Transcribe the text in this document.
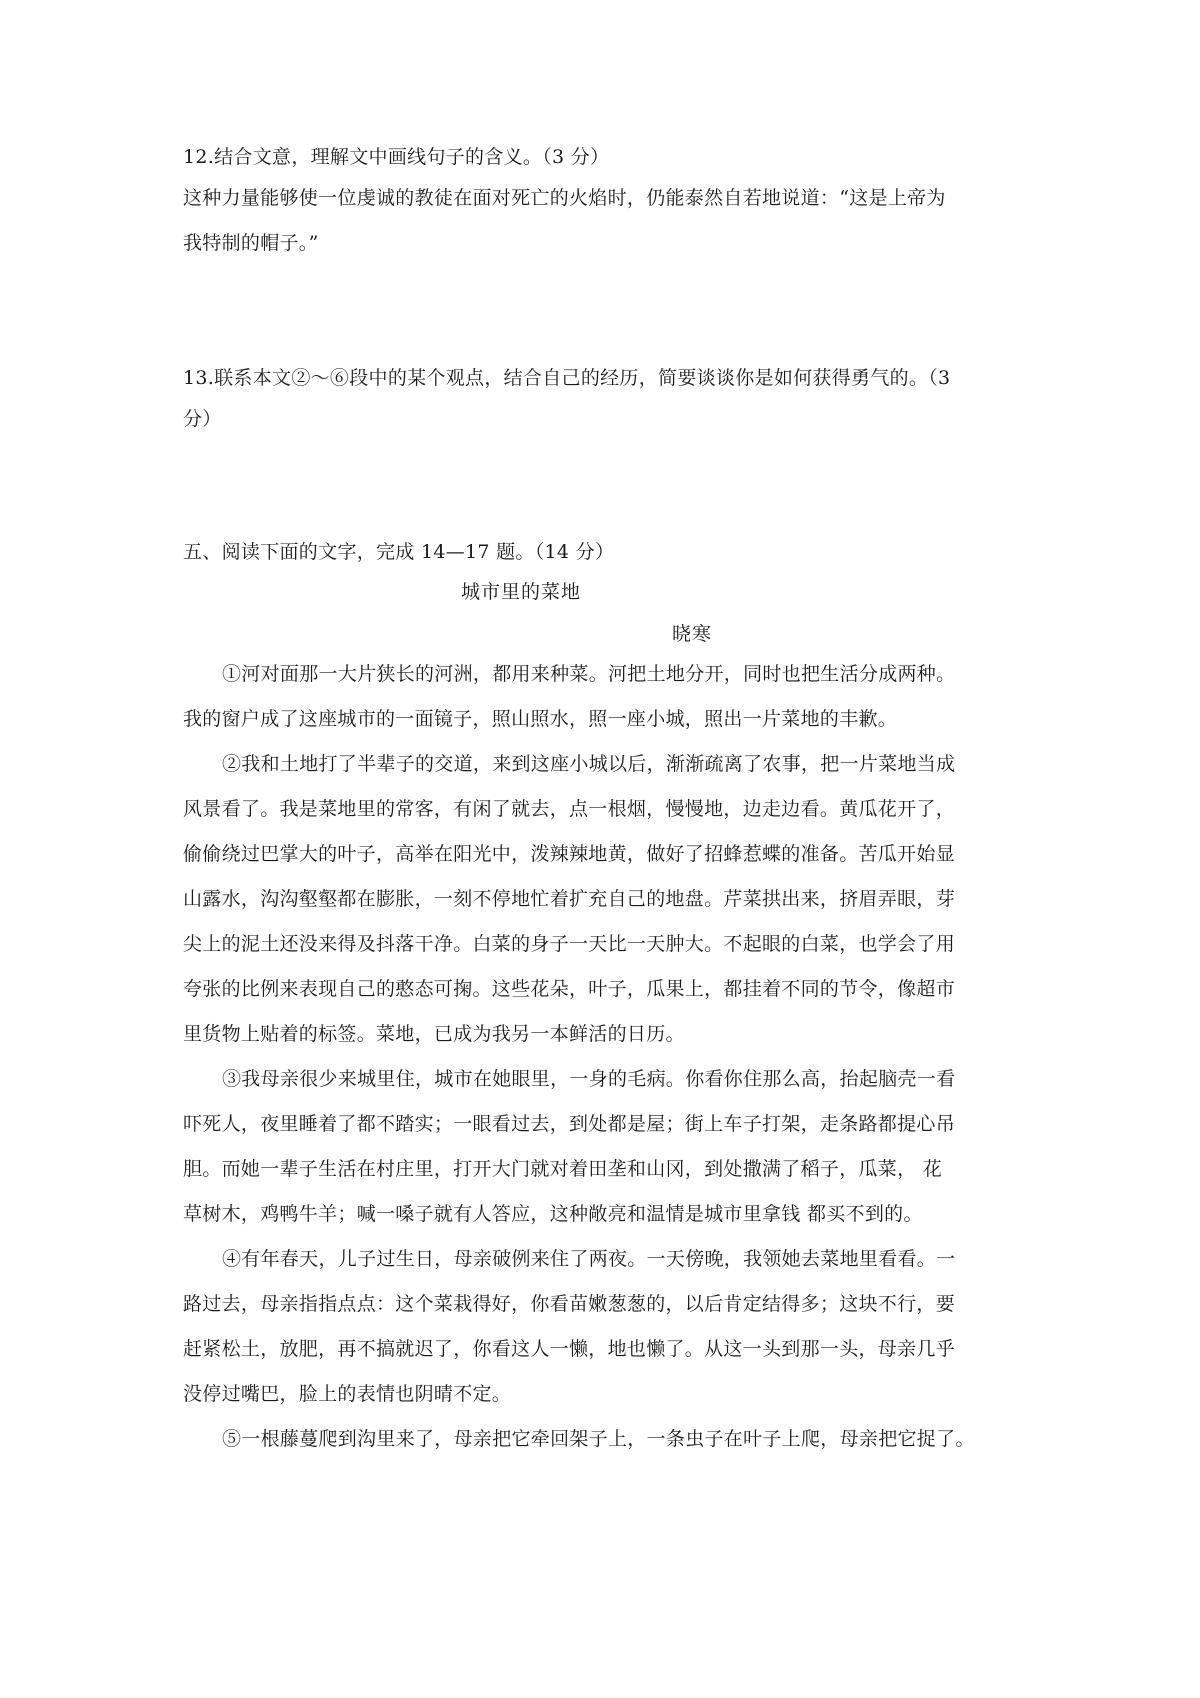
12.结合文意，理解文中画线句子的含义。（3 分）
这种力量能够使一位虔诚的教徒在面对死亡的火焰时，仍能泰然自若地说道：“这是上帝为
我特制的帽子。”
13.联系本文②～⑥段中的某个观点，结合自己的经历，简要谈谈你是如何获得勇气的。（3
分）
五、阅读下面的文字，完成 14—17 题。（14 分）
城市里的菜地
晓寒
①河对面那一大片狭长的河洲，都用来种菜。河把土地分开，同时也把生活分成两种。
我的窗户成了这座城市的一面镜子，照山照水，照一座小城，照出一片菜地的丰歉。
②我和土地打了半辈子的交道，来到这座小城以后，渐渐疏离了农事，把一片菜地当成
风景看了。我是菜地里的常客，有闲了就去，点一根烟，慢慢地，边走边看。黄瓜花开了，
偷偷绕过巴掌大的叶子，高举在阳光中，泼辣辣地黄，做好了招蜂惹蝶的准备。苦瓜开始显
山露水，沟沟壑壑都在膨胀，一刻不停地忙着扩充自己的地盘。芹菜拱出来，挤眉弄眼，芽
尖上的泥土还没来得及抖落干净。白菜的身子一天比一天肿大。不起眼的白菜，也学会了用
夸张的比例来表现自己的憨态可掬。这些花朵，叶子，瓜果上，都挂着不同的节令，像超市
里货物上贴着的标签。菜地，已成为我另一本鲜活的日历。
③我母亲很少来城里住，城市在她眼里，一身的毛病。你看你住那么高，抬起脑壳一看
吓死人，夜里睡着了都不踏实；一眼看过去，到处都是屋；街上车子打架，走条路都提心吊
胆。而她一辈子生活在村庄里，打开大门就对着田垄和山冈，到处撒满了稻子，瓜菜， 花
草树木，鸡鸭牛羊；喊一嗓子就有人答应，这种敞亮和温情是城市里拿钱 都买不到的。
④有年春天，儿子过生日，母亲破例来住了两夜。一天傍晚，我领她去菜地里看看。一
路过去，母亲指指点点：这个菜栽得好，你看苗嫩葱葱的，以后肯定结得多；这块不行，要
赶紧松土，放肥，再不搞就迟了，你看这人一懒，地也懒了。从这一头到那一头，母亲几乎
没停过嘴巴，脸上的表情也阴晴不定。
⑤一根藤蔓爬到沟里来了，母亲把它牵回架子上，一条虫子在叶子上爬，母亲把它捉了。
